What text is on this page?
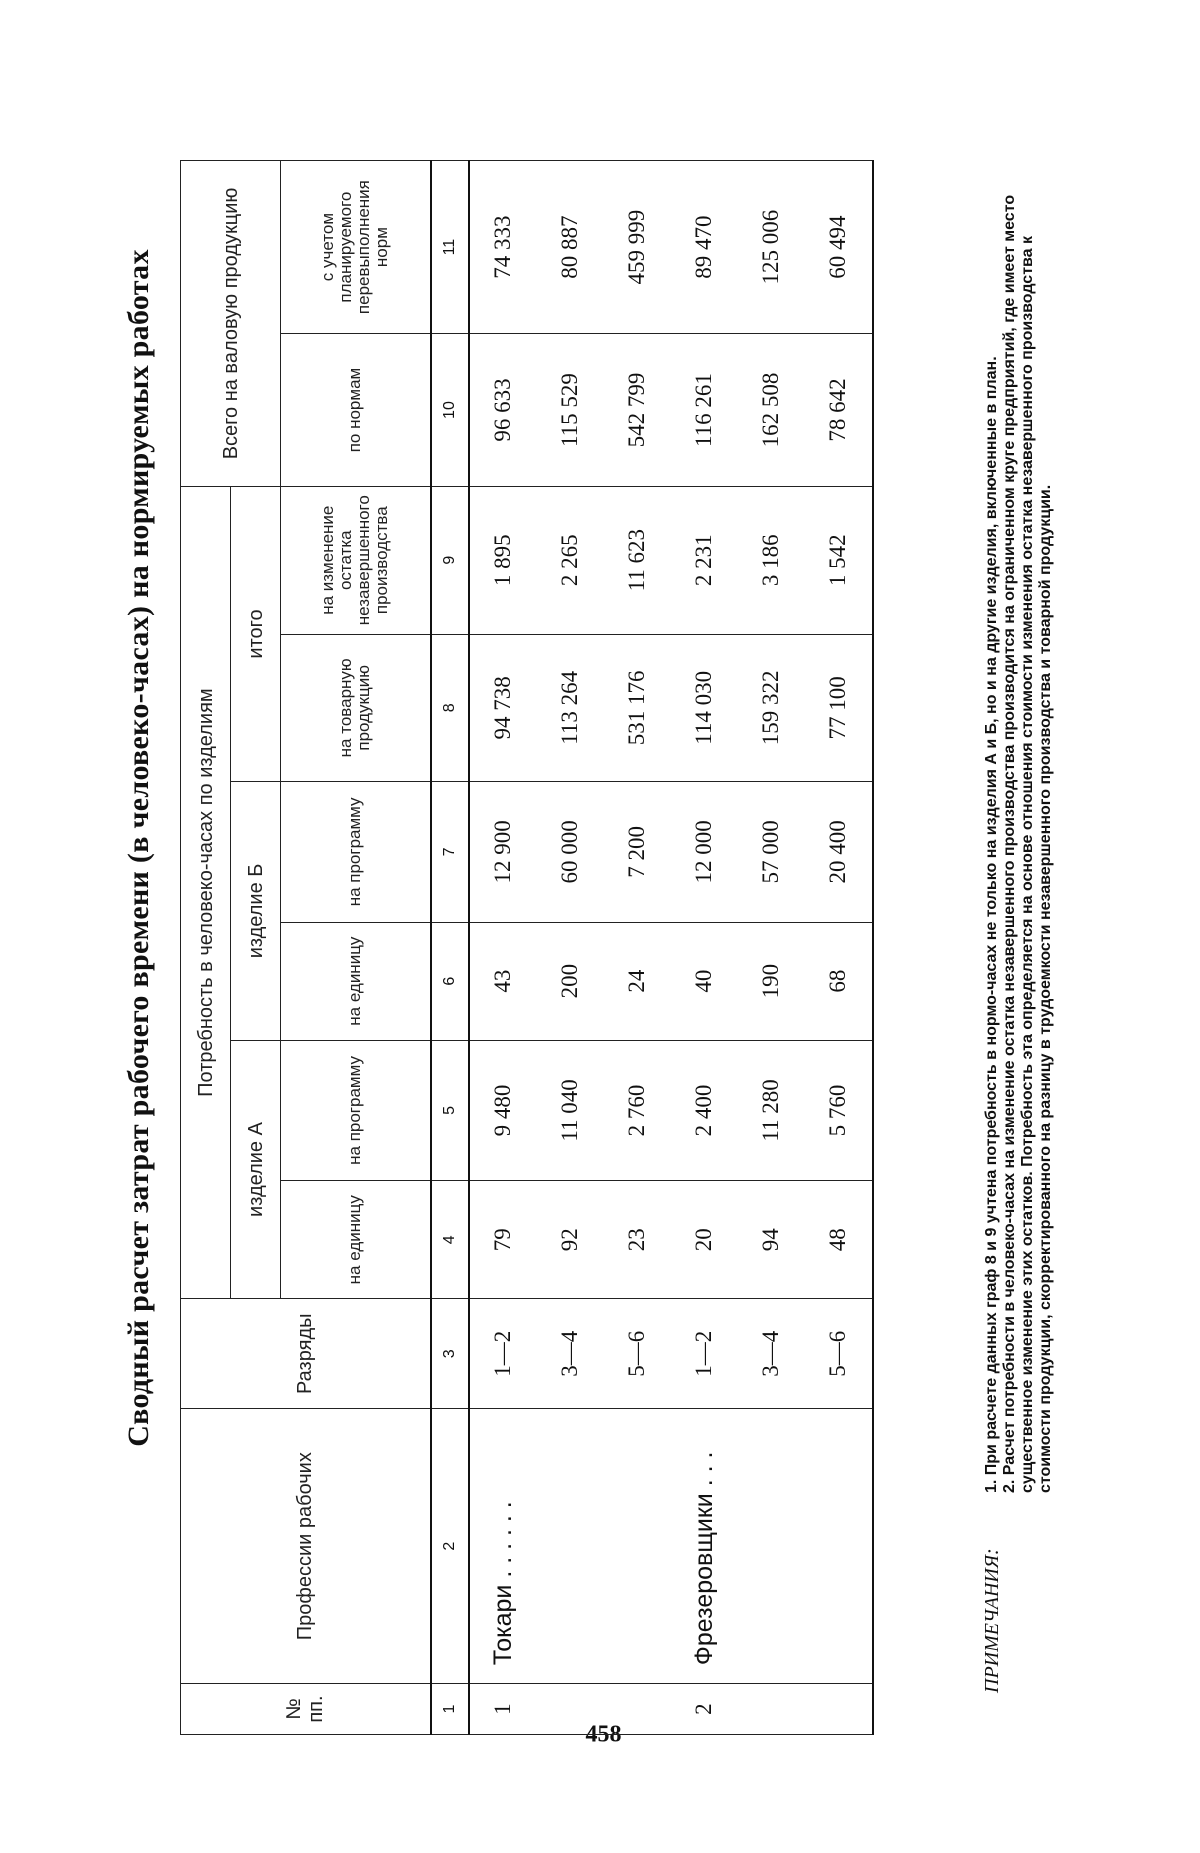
Сводный расчет затрат рабочего времени (в человеко-часах) на нормируемых работах
458
№ пп.	Профессии рабочих	Разряды	Потребность в человеко-часах по изделиям						Всего на валовую продукцию	
			изделие А		изделие Б		итого			
			на единицу	на программу	на единицу	на программу	на товарную продукцию	на изменение остатка незавершенного производства	по нормам	с учетом планируемого перевыполнения норм
1	2	3	4	5	6	7	8	9	10	11
1	Токари . . . . . .	1—2	79	9 480	43	12 900	94 738	1 895	96 633	74 333
		3—4	92	11 040	200	60 000	113 264	2 265	115 529	80 887
		5—6	23	2 760	24	7 200	531 176	11 623	542 799	459 999
2	Фрезеровщики . . .	1—2	20	2 400	40	12 000	114 030	2 231	116 261	89 470
		3—4	94	11 280	190	57 000	159 322	3 186	162 508	125 006
		5—6	48	5 760	68	20 400	77 100	1 542	78 642	60 494
ПРИМЕЧАНИЯ:

1. При расчете данных граф 8 и 9 учтена потребность в нормо-часах не только на изделия А и Б, но и на другие изделия, включенные в план. 2. Расчет потребности в человеко-часах на изменение остатка незавершенного производства производится на ограниченном круге предприятий, где имеет место существенное изменение этих остатков. Потребность эта определяется на основе отношения стоимости изменения остатка незавершенного производства к стоимости продукции, скорректированного на разницу в трудоемкости незавершенного производства и товарной продукции.
